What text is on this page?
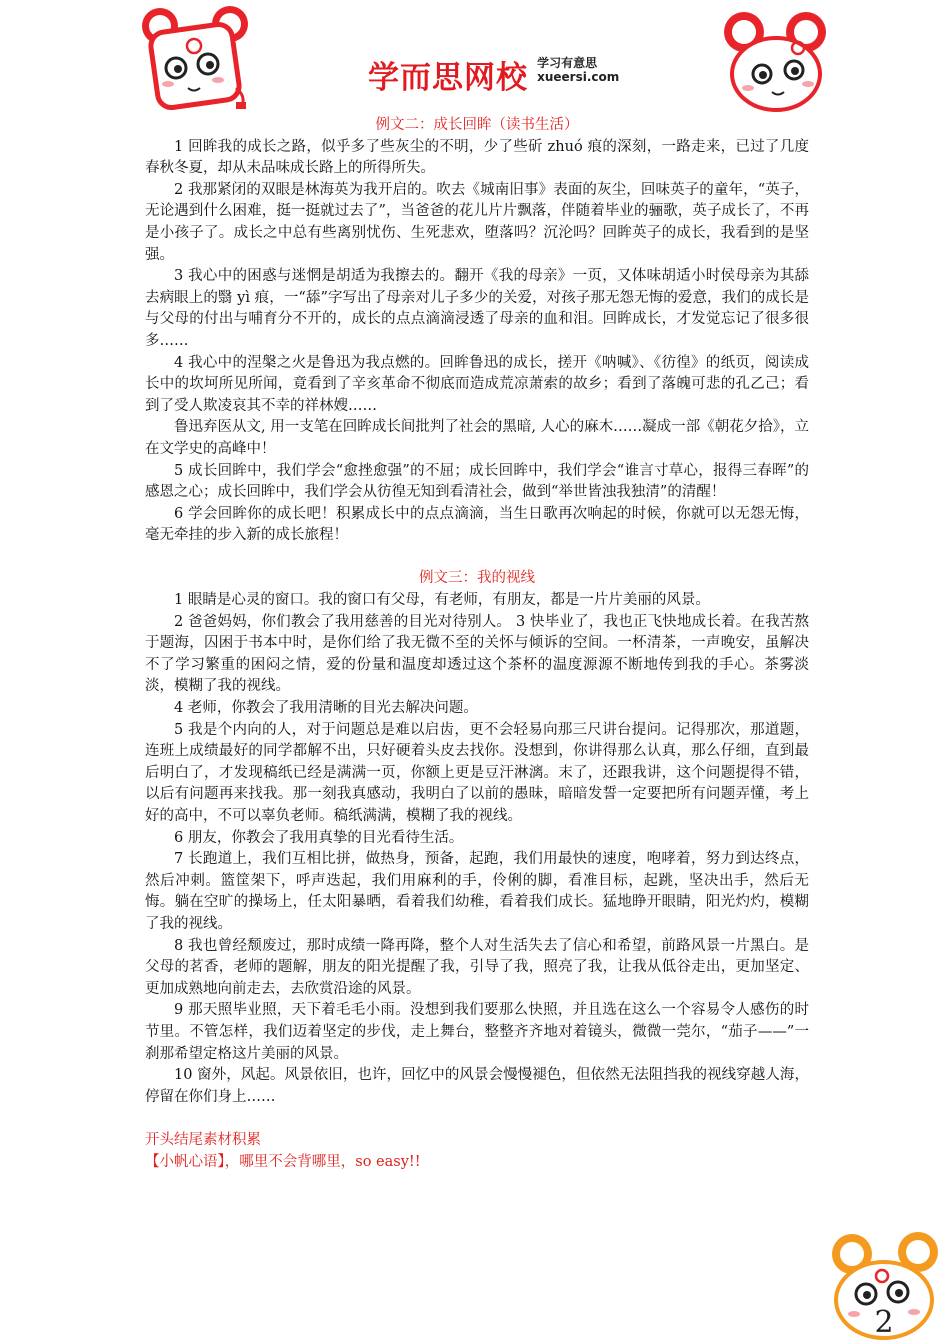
学而思网校 学习有意思
xueersi.com
例文二：成长回眸（读书生活）

1 回眸我的成长之路，似乎多了些灰尘的不明，少了些斫 zhuó 痕的深刻，一路走来，已过了几度春秋冬夏，却从未品味成长路上的所得所失。

2 我那紧闭的双眼是林海英为我开启的。吹去《城南旧事》表面的灰尘，回味英子的童年，“英子，无论遇到什么困难，挺一挺就过去了”，当爸爸的花儿片片飘落，伴随着毕业的骊歌，英子成长了，不再是小孩子了。成长之中总有些离别忧伤、生死悲欢，堕落吗？沉沦吗？回眸英子的成长，我看到的是坚强。

3 我心中的困惑与迷惘是胡适为我擦去的。翻开《我的母亲》一页，又体味胡适小时侯母亲为其舔去病眼上的翳 yì 痕，一“舔”字写出了母亲对儿子多少的关爱，对孩子那无怨无悔的爱意，我们的成长是与父母的付出与哺育分不开的，成长的点点滴滴浸透了母亲的血和泪。回眸成长，才发觉忘记了很多很多……

4 我心中的涅槃之火是鲁迅为我点燃的。回眸鲁迅的成长，搓开《呐喊》、《彷徨》的纸页，阅读成长中的坎坷所见所闻，竟看到了辛亥革命不彻底而造成荒凉萧索的故乡；看到了落魄可悲的孔乙己；看到了受人欺凌哀其不幸的祥林嫂……

鲁迅弃医从文, 用一支笔在回眸成长间批判了社会的黑暗, 人心的麻木……凝成一部《朝花夕拾》，立在文学史的高峰中！

5 成长回眸中，我们学会“愈挫愈强”的不屈；成长回眸中，我们学会“谁言寸草心，报得三春晖”的感恩之心；成长回眸中，我们学会从彷徨无知到看清社会，做到“举世皆浊我独清”的清醒！

6 学会回眸你的成长吧！积累成长中的点点滴滴，当生日歌再次响起的时候，你就可以无怨无悔，毫无牵挂的步入新的成长旅程！

例文三：我的视线

1 眼睛是心灵的窗口。我的窗口有父母，有老师，有朋友，都是一片片美丽的风景。

2 爸爸妈妈，你们教会了我用慈善的目光对待别人。 3 快毕业了，我也正飞快地成长着。在我苦熬于题海，囚困于书本中时，是你们给了我无微不至的关怀与倾诉的空间。一杯清茶，一声晚安，虽解决不了学习繁重的困闷之情，爱的份量和温度却透过这个茶杯的温度源源不断地传到我的手心。茶雾淡淡，模糊了我的视线。

4 老师，你教会了我用清晰的目光去解决问题。

5 我是个内向的人，对于问题总是难以启齿，更不会轻易向那三尺讲台提问。记得那次，那道题，连班上成绩最好的同学都解不出，只好硬着头皮去找你。没想到，你讲得那么认真，那么仔细，直到最后明白了，才发现稿纸已经是满满一页，你额上更是豆汗淋漓。末了，还跟我讲，这个问题提得不错，以后有问题再来找我。那一刻我真感动，我明白了以前的愚昧，暗暗发誓一定要把所有问题弄懂，考上好的高中，不可以辜负老师。稿纸满满，模糊了我的视线。

6 朋友，你教会了我用真挚的目光看待生活。

7 长跑道上，我们互相比拼，做热身，预备，起跑，我们用最快的速度，咆哮着，努力到达终点，然后冲刺。篮筐架下，呼声迭起，我们用麻利的手，伶俐的脚，看准目标，起跳，坚决出手，然后无悔。躺在空旷的操场上，任太阳暴晒，看着我们幼稚，看着我们成长。猛地睁开眼睛，阳光灼灼，模糊了我的视线。

8 我也曾经颓废过，那时成绩一降再降，整个人对生活失去了信心和希望，前路风景一片黑白。是父母的茗香，老师的题解，朋友的阳光提醒了我，引导了我，照亮了我，让我从低谷走出，更加坚定、更加成熟地向前走去，去欣赏沿途的风景。

9 那天照毕业照，天下着毛毛小雨。没想到我们要那么快照，并且选在这么一个容易令人感伤的时节里。不管怎样，我们迈着坚定的步伐，走上舞台，整整齐齐地对着镜头，微微一莞尔，“茄子——”一刹那希望定格这片美丽的风景。

10 窗外，风起。风景依旧，也许，回忆中的风景会慢慢褪色，但依然无法阻挡我的视线穿越人海，停留在你们身上……

开头结尾素材积累

【小帆心语】，哪里不会背哪里，so easy!!

2
